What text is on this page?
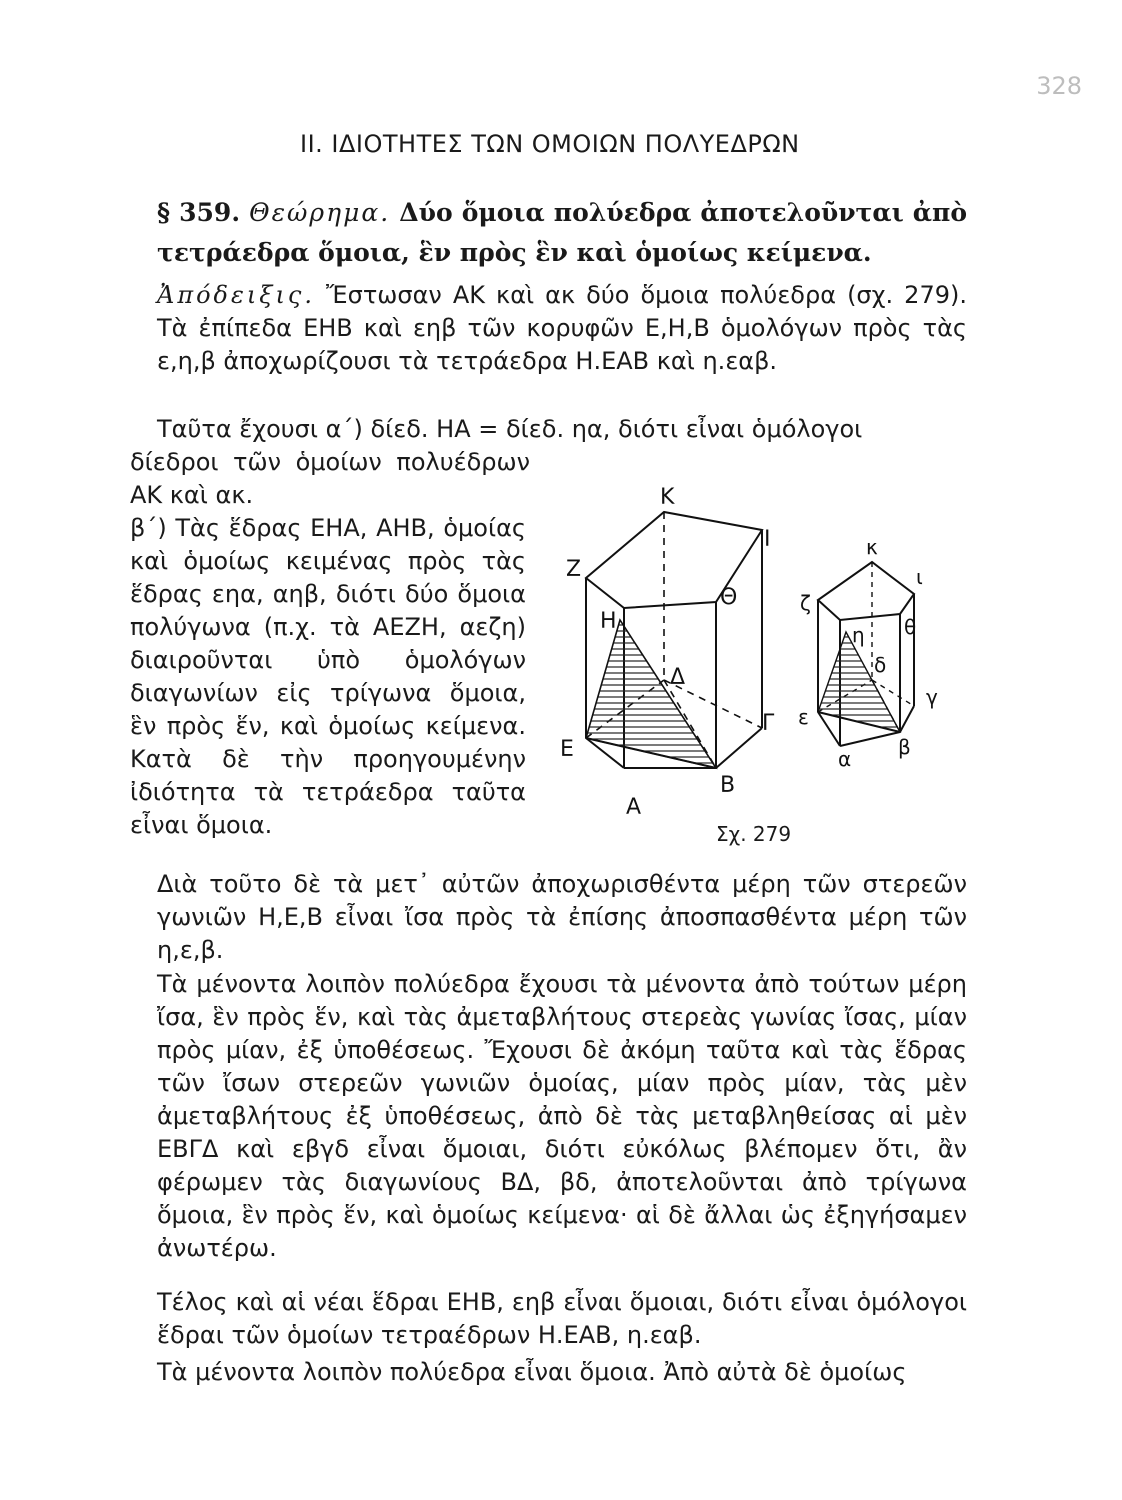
328
II. ΙΔΙΟΤΗΤΕΣ ΤΩΝ ΟΜΟΙΩΝ ΠΟΛΥΕΔΡΩΝ

§ 359. Θεώρημα. Δύο ὅμοια πολύεδρα ἀποτελοῦνται ἀπὸ τετράεδρα ὅμοια, ἓν πρὸς ἓν καὶ ὁμοίως κείμενα.

Ἀπόδειξις. Ἔστωσαν ΑΚ καὶ ακ δύο ὅμοια πολύεδρα (σχ. 279). Τὰ ἐπίπεδα ΕΗΒ καὶ εηβ τῶν κορυφῶν Ε,Η,Β ὁμολόγων πρὸς τὰς ε,η,β ἀποχωρίζουσι τὰ τετράεδρα Η.ΕΑΒ καὶ η.εαβ.

Ταῦτα ἔχουσι α΄) δίεδ. ΗΑ = δίεδ. ηα, διότι εἶναι ὁμόλογοι

δίεδροι τῶν ὁμοίων πολυέδρων ΑΚ καὶ ακ.

β΄) Τὰς ἕδρας ΕΗΑ, ΑΗΒ, ὁμοίας καὶ ὁμοίως κειμένας πρὸς τὰς ἕδρας εηα, αηβ, διότι δύο ὅμοια πολύγωνα (π.χ. τὰ ΑΕΖΗ, αεζη) διαιροῦνται ὑπὸ ὁμολόγων διαγωνίων εἰς τρίγωνα ὅμοια, ἓν πρὸς ἕν, καὶ ὁμοίως κείμενα. Κατὰ δὲ τὴν προηγουμένην ἰδιότητα τὰ τετράεδρα ταῦτα εἶναι ὅμοια.

Κ
Ι
Ζ
Θ
Η
Δ
Γ
Ε
Β
Α
κ
ι
ζ
θ
η
δ
γ
ε
β
α
Σχ. 279

Διὰ τοῦτο δὲ τὰ μετ᾿ αὐτῶν ἀποχωρισθέντα μέρη τῶν στερεῶν γωνιῶν Η,Ε,Β εἶναι ἴσα πρὸς τὰ ἐπίσης ἀποσπασθέντα μέρη τῶν η,ε,β.

Τὰ μένοντα λοιπὸν πολύεδρα ἔχουσι τὰ μένοντα ἀπὸ τούτων μέρη ἴσα, ἓν πρὸς ἕν, καὶ τὰς ἀμεταβλήτους στερεὰς γωνίας ἴσας, μίαν πρὸς μίαν, ἐξ ὑποθέσεως. Ἔχουσι δὲ ἀκόμη ταῦτα καὶ τὰς ἕδρας τῶν ἴσων στερεῶν γωνιῶν ὁμοίας, μίαν πρὸς μίαν, τὰς μὲν ἀμεταβλήτους ἐξ ὑποθέσεως, ἀπὸ δὲ τὰς μεταβληθείσας αἱ μὲν ΕΒΓΔ καὶ εβγδ εἶναι ὅμοιαι, διότι εὐκόλως βλέπομεν ὅτι, ἂν φέρωμεν τὰς διαγωνίους ΒΔ, βδ, ἀποτελοῦνται ἀπὸ τρίγωνα ὅμοια, ἓν πρὸς ἕν, καὶ ὁμοίως κείμενα· αἱ δὲ ἄλλαι ὡς ἐξηγήσαμεν ἀνωτέρω.

Τέλος καὶ αἱ νέαι ἕδραι ΕΗΒ, εηβ εἶναι ὅμοιαι, διότι εἶναι ὁμόλογοι ἕδραι τῶν ὁμοίων τετραέδρων Η.ΕΑΒ, η.εαβ.

Τὰ μένοντα λοιπὸν πολύεδρα εἶναι ὅμοια. Ἀπὸ αὐτὰ δὲ ὁμοίως
